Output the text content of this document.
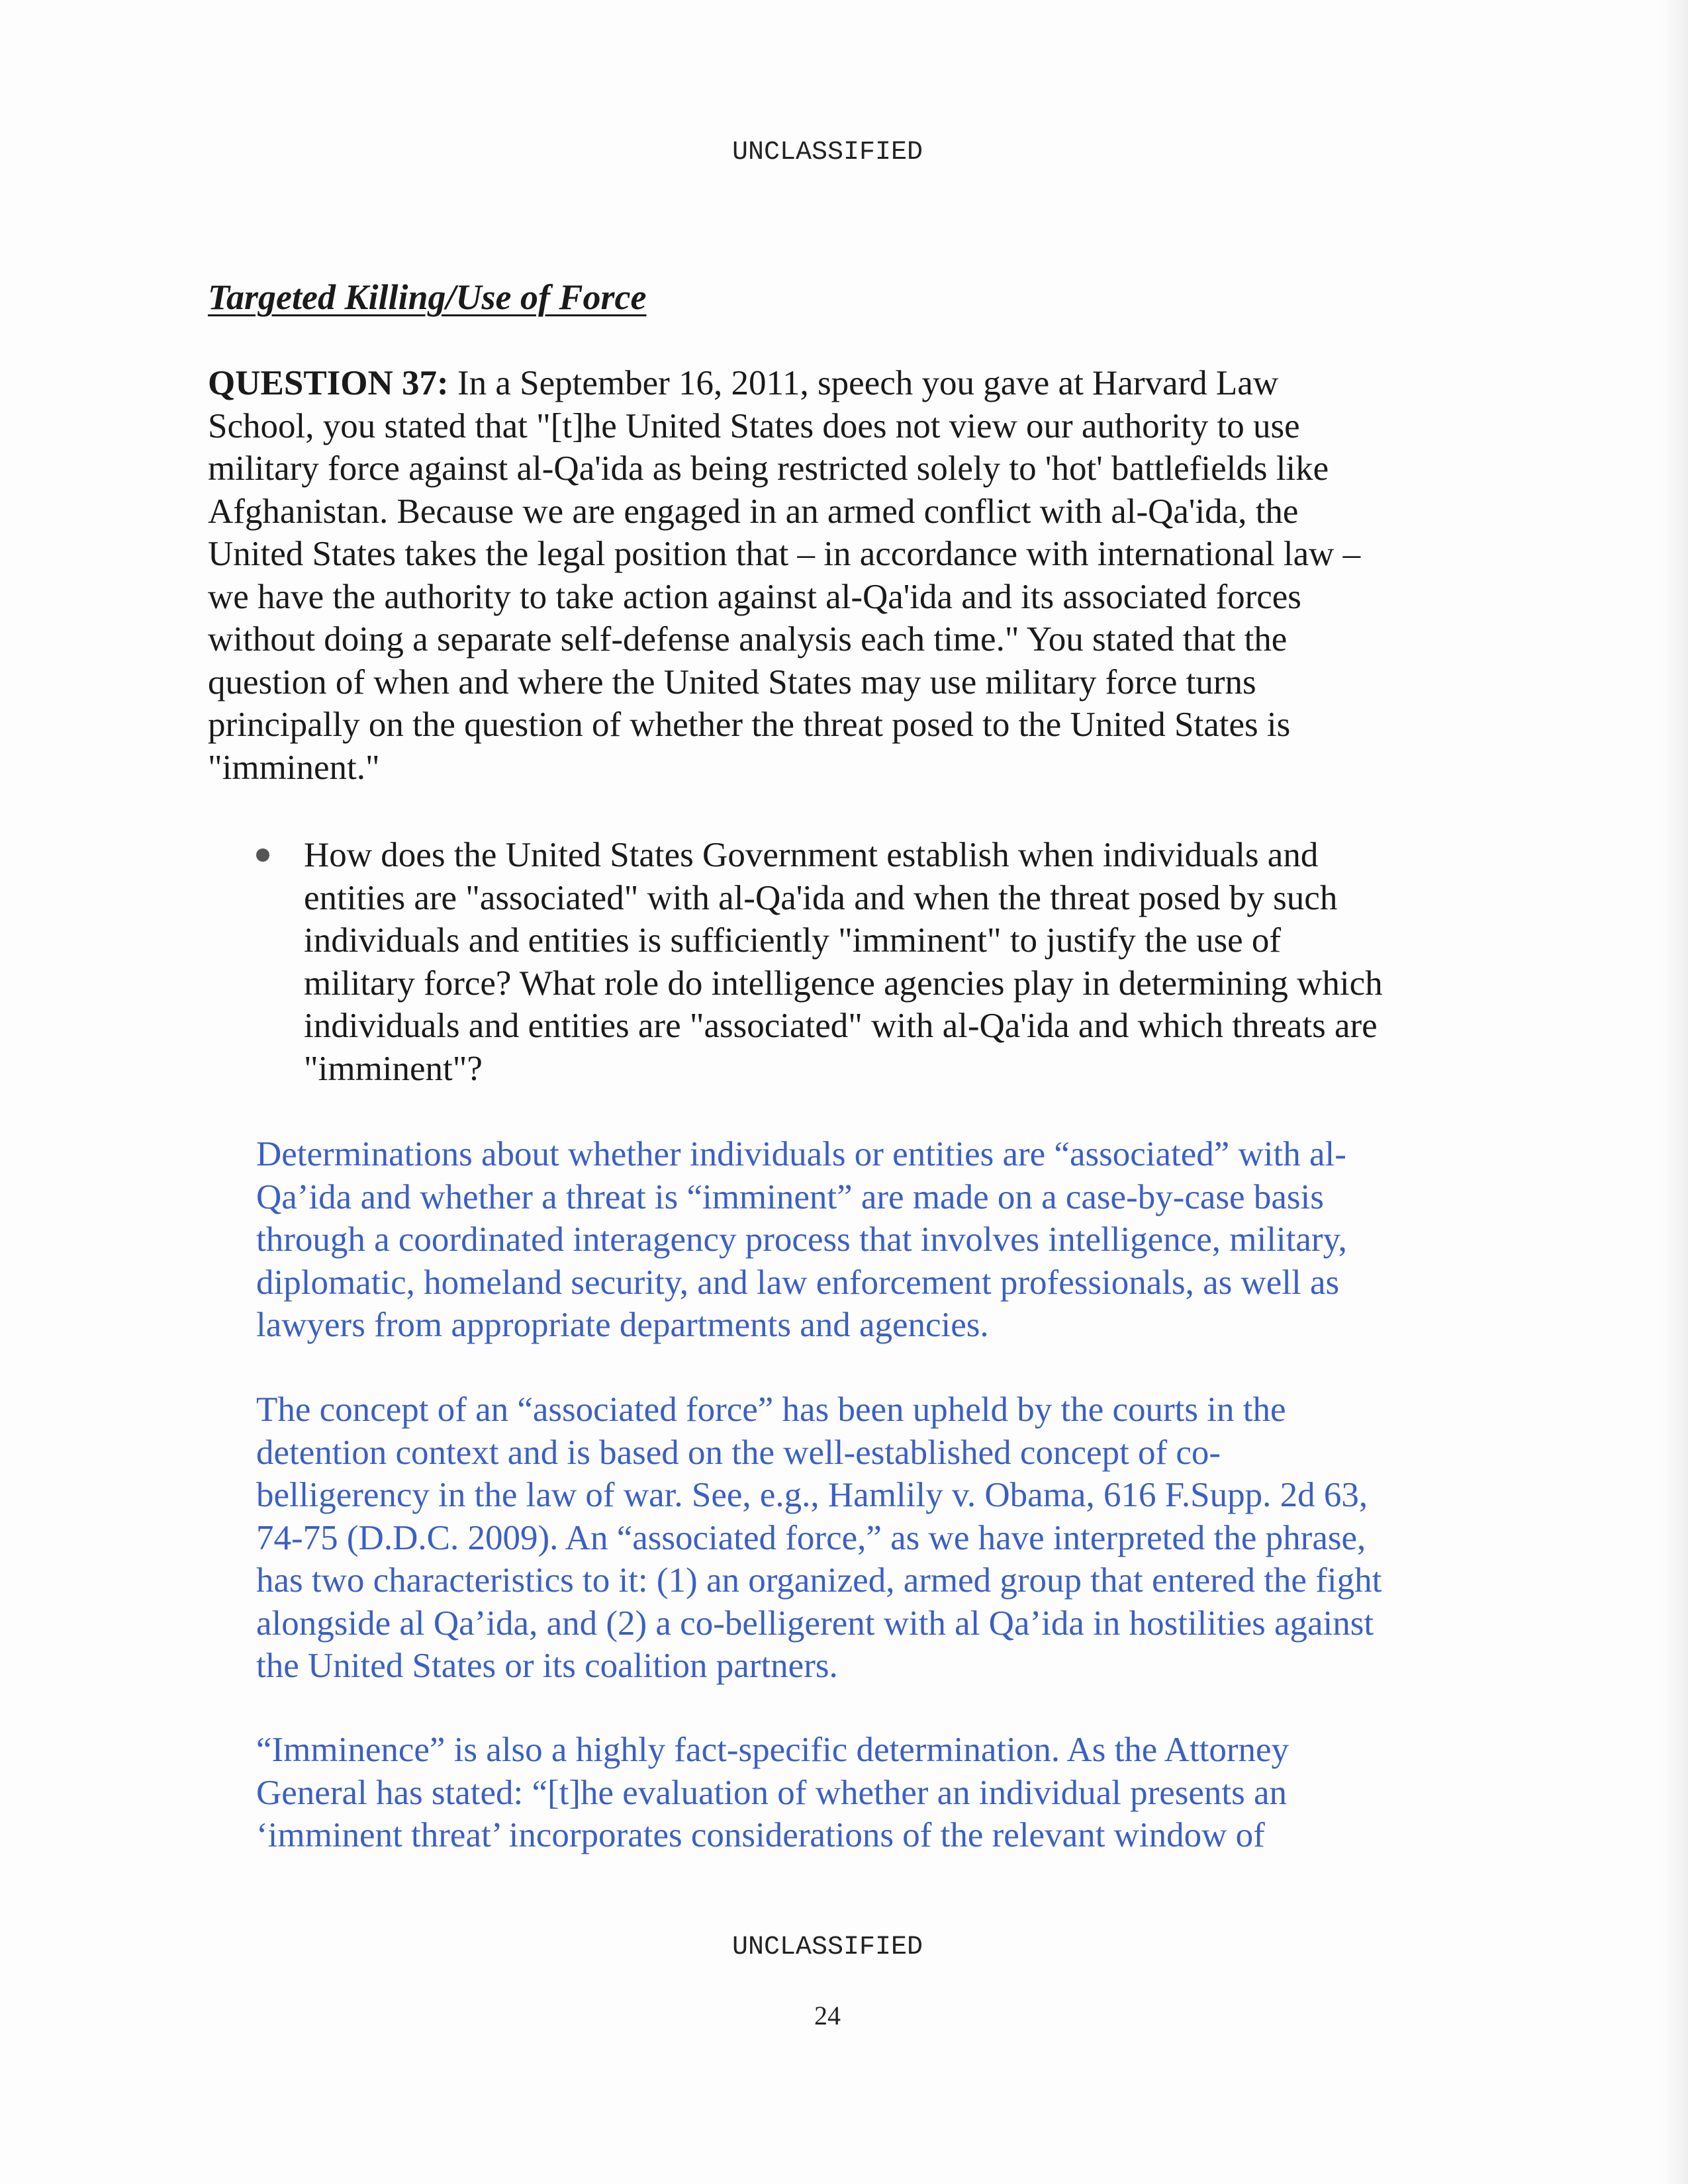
UNCLASSIFIED
Targeted Killing/Use of Force
QUESTION 37: In a September 16, 2011, speech you gave at Harvard Law
School, you stated that "[t]he United States does not view our authority to use
military force against al-Qa'ida as being restricted solely to 'hot' battlefields like
Afghanistan. Because we are engaged in an armed conflict with al-Qa'ida, the
United States takes the legal position that – in accordance with international law –
we have the authority to take action against al-Qa'ida and its associated forces
without doing a separate self-defense analysis each time." You stated that the
question of when and where the United States may use military force turns
principally on the question of whether the threat posed to the United States is
"imminent."
How does the United States Government establish when individuals and
entities are "associated" with al-Qa'ida and when the threat posed by such
individuals and entities is sufficiently "imminent" to justify the use of
military force? What role do intelligence agencies play in determining which
individuals and entities are "associated" with al-Qa'ida and which threats are
"imminent"?
Determinations about whether individuals or entities are “associated” with al-
Qa’ida and whether a threat is “imminent” are made on a case-by-case basis
through a coordinated interagency process that involves intelligence, military,
diplomatic, homeland security, and law enforcement professionals, as well as
lawyers from appropriate departments and agencies.
The concept of an “associated force” has been upheld by the courts in the
detention context and is based on the well-established concept of co-
belligerency in the law of war. See, e.g., Hamlily v. Obama, 616 F.Supp. 2d 63,
74-75 (D.D.C. 2009). An “associated force,” as we have interpreted the phrase,
has two characteristics to it: (1) an organized, armed group that entered the fight
alongside al Qa’ida, and (2) a co-belligerent with al Qa’ida in hostilities against
the United States or its coalition partners.
“Imminence” is also a highly fact-specific determination. As the Attorney
General has stated: “[t]he evaluation of whether an individual presents an
‘imminent threat’ incorporates considerations of the relevant window of
UNCLASSIFIED
24
